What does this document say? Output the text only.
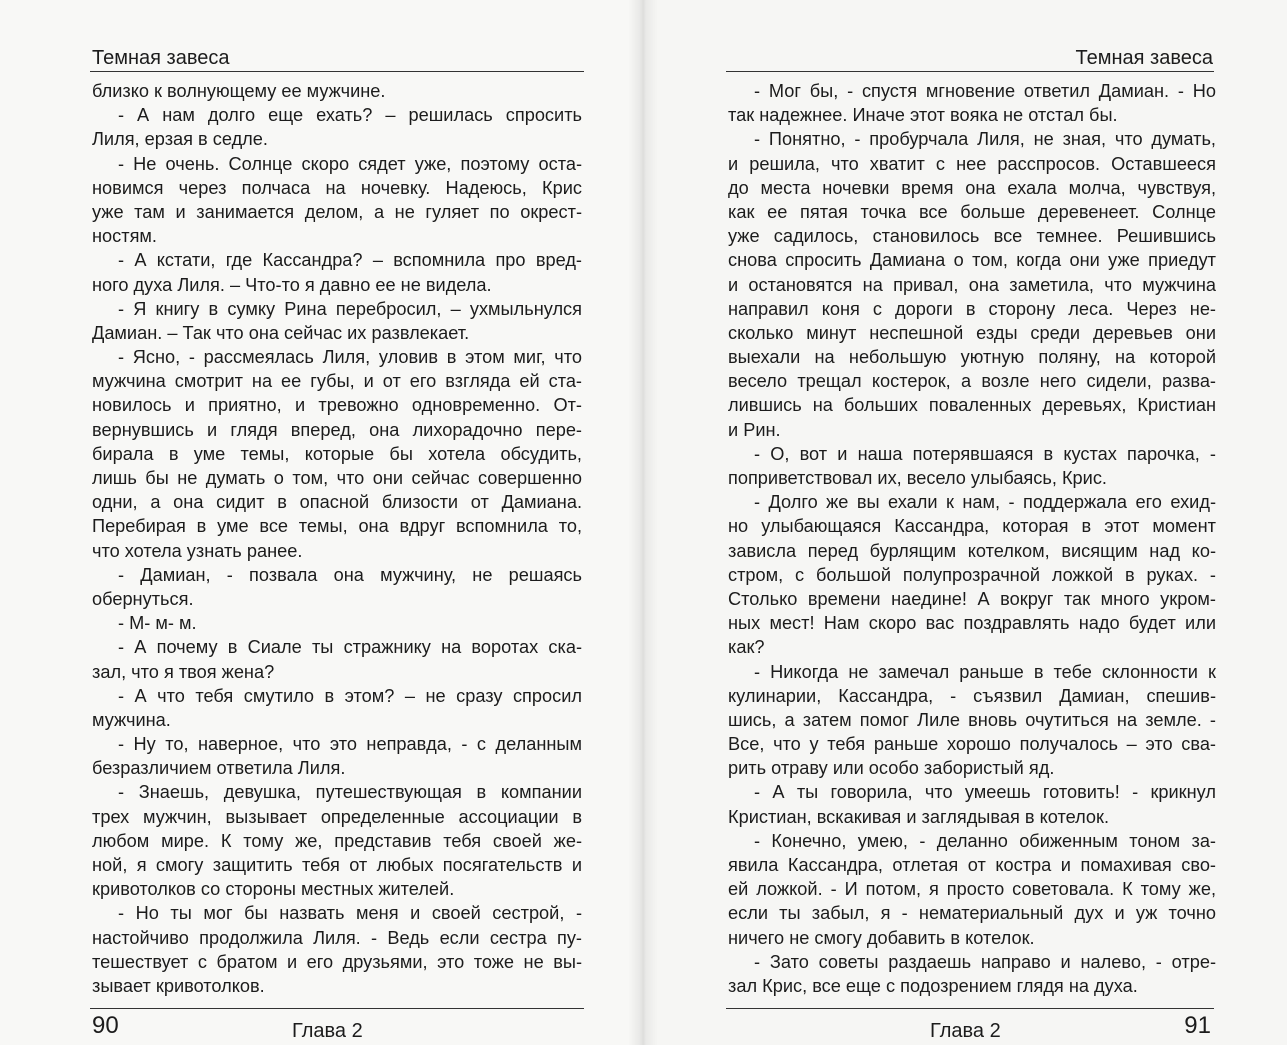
Темная завеса
близко к волнующему ее мужчине.
- А нам долго еще ехать? – решилась спросить
Лиля, ерзая в седле.
- Не очень. Солнце скоро сядет уже, поэтому оста-
новимся через полчаса на ночевку. Надеюсь, Крис
уже там и занимается делом, а не гуляет по окрест-
ностям.
- А кстати, где Кассандра? – вспомнила про вред-
ного духа Лиля. – Что-то я давно ее не видела.
- Я книгу в сумку Рина перебросил, – ухмыльнулся
Дамиан. – Так что она сейчас их развлекает.
- Ясно, - рассмеялась Лиля, уловив в этом миг, что
мужчина смотрит на ее губы, и от его взгляда ей ста-
новилось и приятно, и тревожно одновременно. От-
вернувшись и глядя вперед, она лихорадочно пере-
бирала в уме темы, которые бы хотела обсудить,
лишь бы не думать о том, что они сейчас совершенно
одни, а она сидит в опасной близости от Дамиана.
Перебирая в уме все темы, она вдруг вспомнила то,
что хотела узнать ранее.
- Дамиан, - позвала она мужчину, не решаясь
обернуться.
- М- м- м.
- А почему в Сиале ты стражнику на воротах ска-
зал, что я твоя жена?
- А что тебя смутило в этом? – не сразу спросил
мужчина.
- Ну то, наверное, что это неправда, - с деланным
безразличием ответила Лиля.
- Знаешь, девушка, путешествующая в компании
трех мужчин, вызывает определенные ассоциации в
любом мире. К тому же, представив тебя своей же-
ной, я смогу защитить тебя от любых посягательств и
кривотолков со стороны местных жителей.
- Но ты мог бы назвать меня и своей сестрой, -
настойчиво продолжила Лиля. - Ведь если сестра пу-
тешествует с братом и его друзьями, это тоже не вы-
зывает кривотолков.
90	Глава 2
Темная завеса
- Мог бы, - спустя мгновение ответил Дамиан. - Но
так надежнее. Иначе этот вояка не отстал бы.
- Понятно, - пробурчала Лиля, не зная, что думать,
и решила, что хватит с нее расспросов. Оставшееся
до места ночевки время она ехала молча, чувствуя,
как ее пятая точка все больше деревенеет. Солнце
уже садилось, становилось все темнее. Решившись
снова спросить Дамиана о том, когда они уже приедут
и остановятся на привал, она заметила, что мужчина
направил коня с дороги в сторону леса. Через не-
сколько минут неспешной езды среди деревьев они
выехали на небольшую уютную поляну, на которой
весело трещал костерок, а возле него сидели, разва-
лившись на больших поваленных деревьях, Кристиан
и Рин.
- О, вот и наша потерявшаяся в кустах парочка, -
поприветствовал их, весело улыбаясь, Крис.
- Долго же вы ехали к нам, - поддержала его ехид-
но улыбающаяся Кассандра, которая в этот момент
зависла перед бурлящим котелком, висящим над ко-
стром, с большой полупрозрачной ложкой в руках. -
Столько времени наедине! А вокруг так много укром-
ных мест! Нам скоро вас поздравлять надо будет или
как?
- Никогда не замечал раньше в тебе склонности к
кулинарии, Кассандра, - съязвил Дамиан, спешив-
шись, а затем помог Лиле вновь очутиться на земле. -
Все, что у тебя раньше хорошо получалось – это сва-
рить отраву или особо забористый яд.
- А ты говорила, что умеешь готовить! - крикнул
Кристиан, вскакивая и заглядывая в котелок.
- Конечно, умею, - деланно обиженным тоном за-
явила Кассандра, отлетая от костра и помахивая сво-
ей ложкой. - И потом, я просто советовала. К тому же,
если ты забыл, я - нематериальный дух и уж точно
ничего не смогу добавить в котелок.
- Зато советы раздаешь направо и налево, - отре-
зал Крис, все еще с подозрением глядя на духа.
91
Глава 2
